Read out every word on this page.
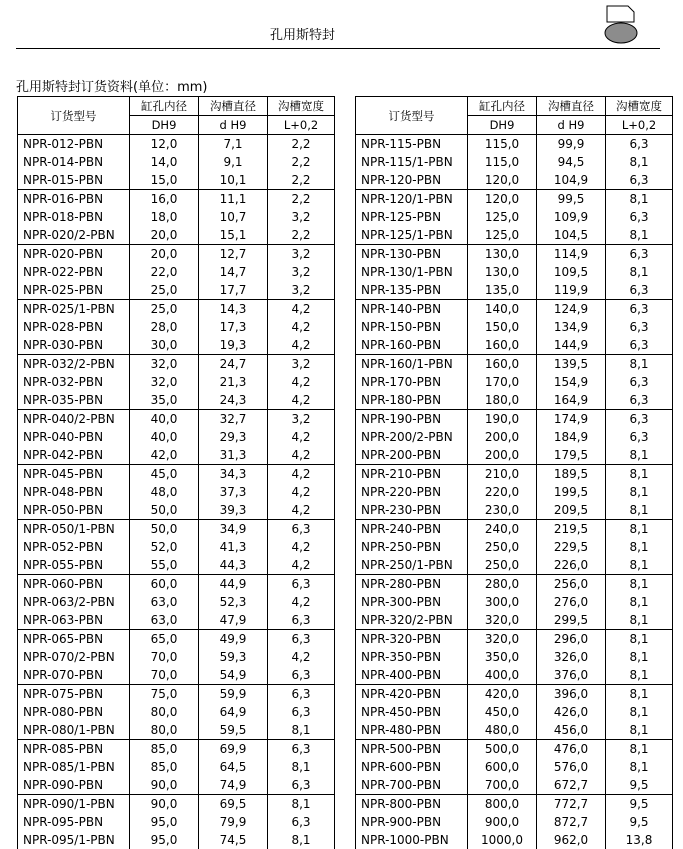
孔用斯特封
孔用斯特封订货资料(单位：mm)
订货型号	缸孔内径	沟槽直径	沟槽宽度
	DH9	d H9	L+0,2
NPR-012-PBN	12,0	7,1	2,2
NPR-014-PBN	14,0	9,1	2,2
NPR-015-PBN	15,0	10,1	2,2
NPR-016-PBN	16,0	11,1	2,2
NPR-018-PBN	18,0	10,7	3,2
NPR-020/2-PBN	20,0	15,1	2,2
NPR-020-PBN	20,0	12,7	3,2
NPR-022-PBN	22,0	14,7	3,2
NPR-025-PBN	25,0	17,7	3,2
NPR-025/1-PBN	25,0	14,3	4,2
NPR-028-PBN	28,0	17,3	4,2
NPR-030-PBN	30,0	19,3	4,2
NPR-032/2-PBN	32,0	24,7	3,2
NPR-032-PBN	32,0	21,3	4,2
NPR-035-PBN	35,0	24,3	4,2
NPR-040/2-PBN	40,0	32,7	3,2
NPR-040-PBN	40,0	29,3	4,2
NPR-042-PBN	42,0	31,3	4,2
NPR-045-PBN	45,0	34,3	4,2
NPR-048-PBN	48,0	37,3	4,2
NPR-050-PBN	50,0	39,3	4,2
NPR-050/1-PBN	50,0	34,9	6,3
NPR-052-PBN	52,0	41,3	4,2
NPR-055-PBN	55,0	44,3	4,2
NPR-060-PBN	60,0	44,9	6,3
NPR-063/2-PBN	63,0	52,3	4,2
NPR-063-PBN	63,0	47,9	6,3
NPR-065-PBN	65,0	49,9	6,3
NPR-070/2-PBN	70,0	59,3	4,2
NPR-070-PBN	70,0	54,9	6,3
NPR-075-PBN	75,0	59,9	6,3
NPR-080-PBN	80,0	64,9	6,3
NPR-080/1-PBN	80,0	59,5	8,1
NPR-085-PBN	85,0	69,9	6,3
NPR-085/1-PBN	85,0	64,5	8,1
NPR-090-PBN	90,0	74,9	6,3
NPR-090/1-PBN	90,0	69,5	8,1
NPR-095-PBN	95,0	79,9	6,3
NPR-095/1-PBN	95,0	74,5	8,1
订货型号	缸孔内径	沟槽直径	沟槽宽度
	DH9	d H9	L+0,2
NPR-115-PBN	115,0	99,9	6,3
NPR-115/1-PBN	115,0	94,5	8,1
NPR-120-PBN	120,0	104,9	6,3
NPR-120/1-PBN	120,0	99,5	8,1
NPR-125-PBN	125,0	109,9	6,3
NPR-125/1-PBN	125,0	104,5	8,1
NPR-130-PBN	130,0	114,9	6,3
NPR-130/1-PBN	130,0	109,5	8,1
NPR-135-PBN	135,0	119,9	6,3
NPR-140-PBN	140,0	124,9	6,3
NPR-150-PBN	150,0	134,9	6,3
NPR-160-PBN	160,0	144,9	6,3
NPR-160/1-PBN	160,0	139,5	8,1
NPR-170-PBN	170,0	154,9	6,3
NPR-180-PBN	180,0	164,9	6,3
NPR-190-PBN	190,0	174,9	6,3
NPR-200/2-PBN	200,0	184,9	6,3
NPR-200-PBN	200,0	179,5	8,1
NPR-210-PBN	210,0	189,5	8,1
NPR-220-PBN	220,0	199,5	8,1
NPR-230-PBN	230,0	209,5	8,1
NPR-240-PBN	240,0	219,5	8,1
NPR-250-PBN	250,0	229,5	8,1
NPR-250/1-PBN	250,0	226,0	8,1
NPR-280-PBN	280,0	256,0	8,1
NPR-300-PBN	300,0	276,0	8,1
NPR-320/2-PBN	320,0	299,5	8,1
NPR-320-PBN	320,0	296,0	8,1
NPR-350-PBN	350,0	326,0	8,1
NPR-400-PBN	400,0	376,0	8,1
NPR-420-PBN	420,0	396,0	8,1
NPR-450-PBN	450,0	426,0	8,1
NPR-480-PBN	480,0	456,0	8,1
NPR-500-PBN	500,0	476,0	8,1
NPR-600-PBN	600,0	576,0	8,1
NPR-700-PBN	700,0	672,7	9,5
NPR-800-PBN	800,0	772,7	9,5
NPR-900-PBN	900,0	872,7	9,5
NPR-1000-PBN	1000,0	962,0	13,8
